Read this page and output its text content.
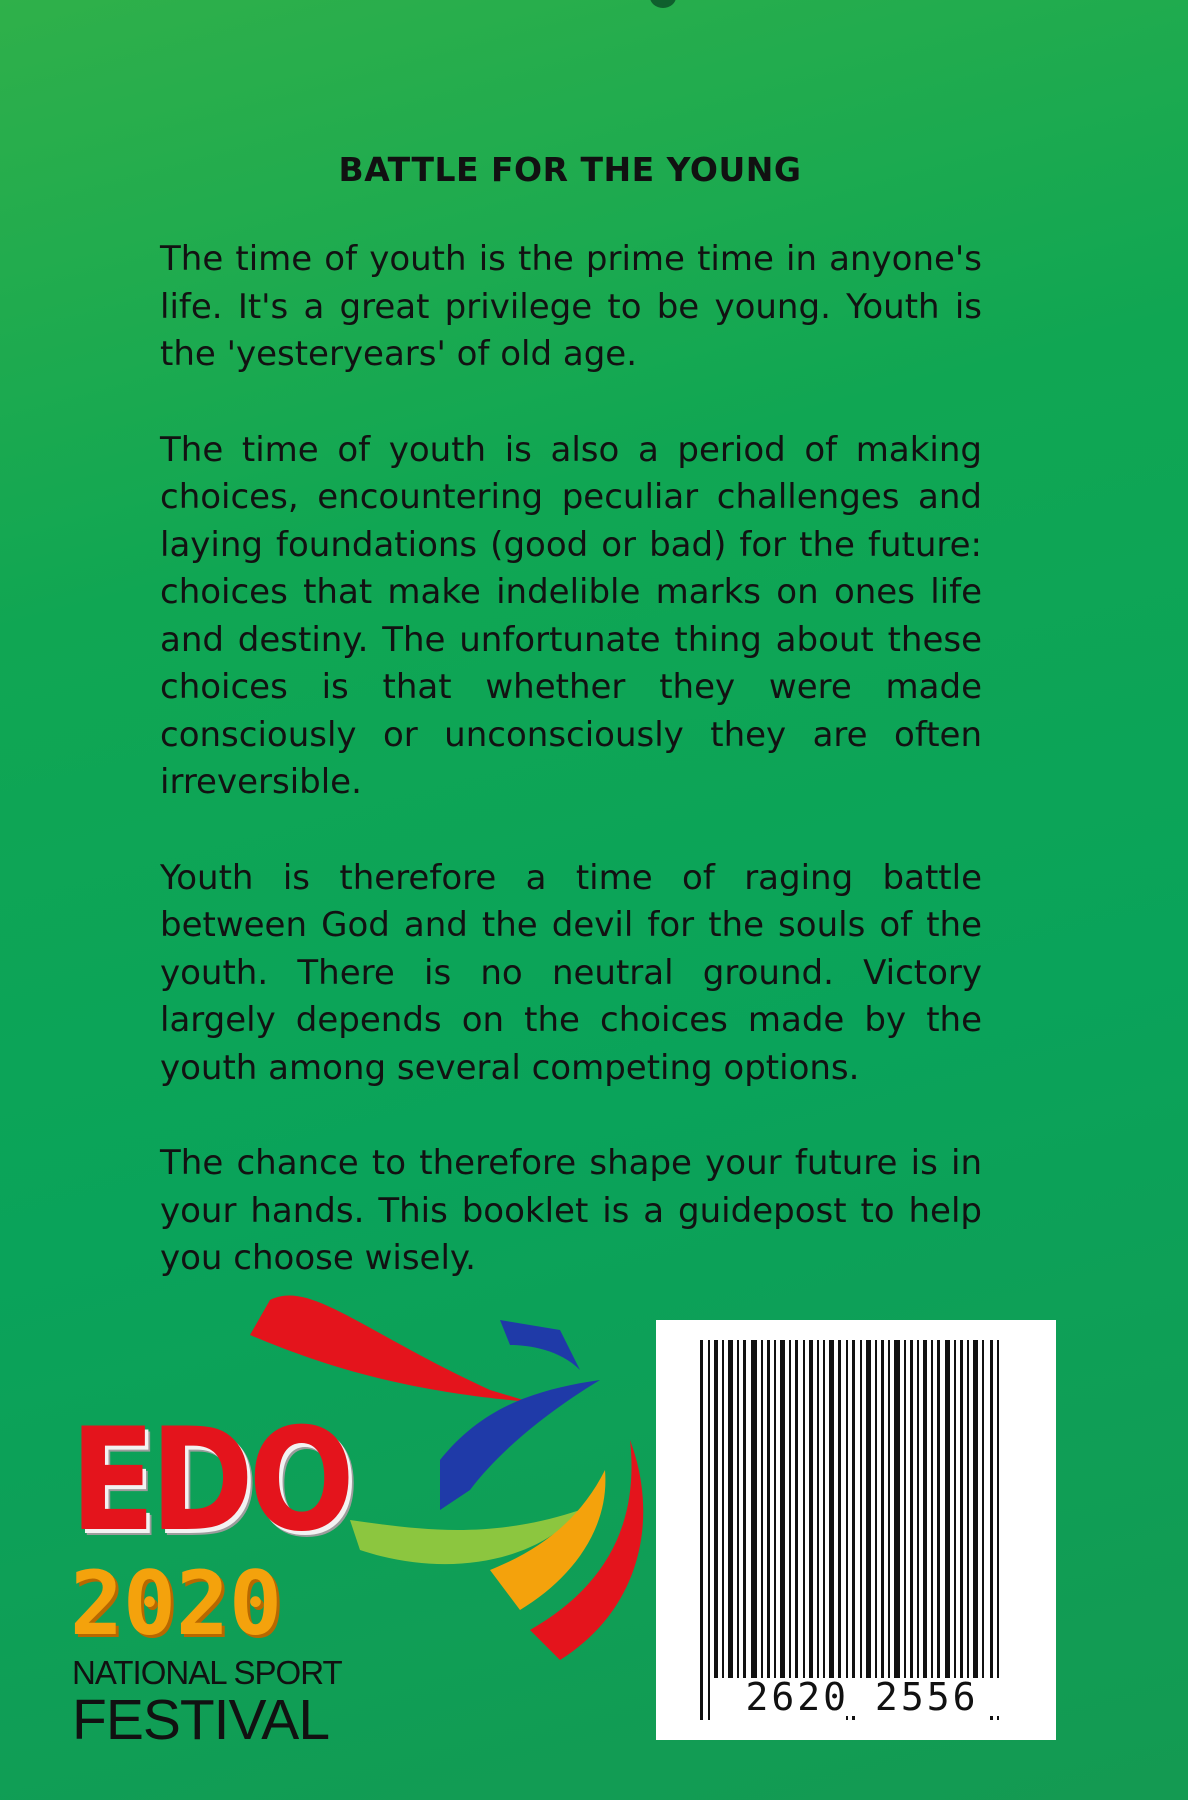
BATTLE FOR THE YOUNG

The time of youth is the prime time in anyone's life. It's a great privilege to be young. Youth is the 'yesteryears' of old age.

The time of youth is also a period of making choices, encountering peculiar challenges and laying foundations (good or bad) for the future: choices that make indelible marks on ones life and destiny. The unfortunate thing about these choices is that whether they were made consciously or unconsciously they are often irreversible.

Youth is therefore a time of raging battle between God and the devil for the souls of the youth. There is no neutral ground. Victory largely depends on the choices made by the youth among several competing options.

The chance to therefore shape your future is in your hands. This booklet is a guidepost to help you choose wisely.

EDO
2020
NATIONAL SPORT
FESTIVAL	2620 2556
